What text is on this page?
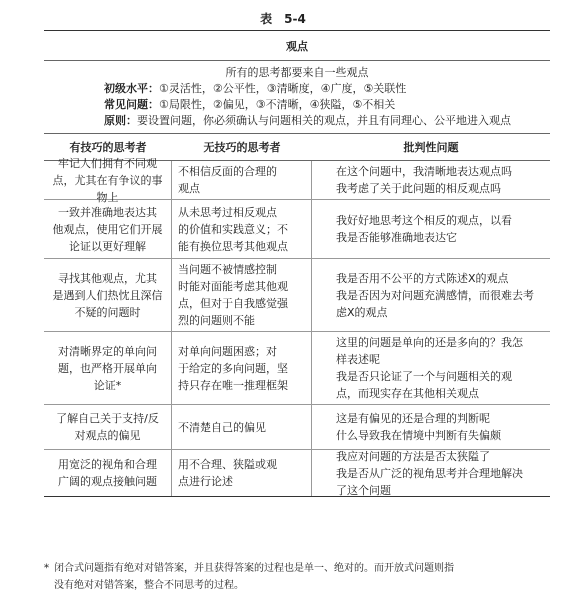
表　5-4
观点
所有的思考都要来自一些观点
初级水平：①灵活性，②公平性，③清晰度，④广度，⑤关联性
常见问题：①局限性，②偏见，③不清晰，④狭隘，⑤不相关
原则：要设置问题，你必须确认与问题相关的观点，并且有同理心、公平地进入观点
有技巧的思考者	无技巧的思考者	批判性问题
牢记人们拥有不同观
点，尤其在有争议的事物上
不相信反面的合理的
观点
在这个问题中，我清晰地表达观点吗
我考虑了关于此问题的相反观点吗
一致并准确地表达其
他观点，使用它们开展
论证以更好理解
从未思考过相反观点
的价值和实践意义；不
能有换位思考其他观点
我好好地思考这个相反的观点，以看
我是否能够准确地表达它
寻找其他观点，尤其
是遇到人们热忱且深信
不疑的问题时
当问题不被情感控制
时能对面能考虑其他观
点，但对于自我感觉强
烈的问题则不能
我是否用不公平的方式陈述X的观点
我是否因为对问题充满感情，而很难去考
虑X的观点
对清晰界定的单向问
题，也严格开展单向
论证*
对单向问题困惑；对
于给定的多向问题，坚
持只存在唯一推理框架
这里的问题是单向的还是多向的？我怎
样表述呢
我是否只论证了一个与问题相关的观
点，而现实存在其他相关观点
了解自己关于支持/反
对观点的偏见
不清楚自己的偏见
这是有偏见的还是合理的判断呢
什么导致我在情境中判断有失偏颇
用宽泛的视角和合理
广阔的观点接触问题
用不合理、狭隘或观
点进行论述
我应对问题的方法是否太狭隘了
我是否从广泛的视角思考并合理地解决
了这个问题
* 闭合式问题指有绝对对错答案，并且获得答案的过程也是单一、绝对的。而开放式问题则指

没有绝对对错答案，整合不同思考的过程。
